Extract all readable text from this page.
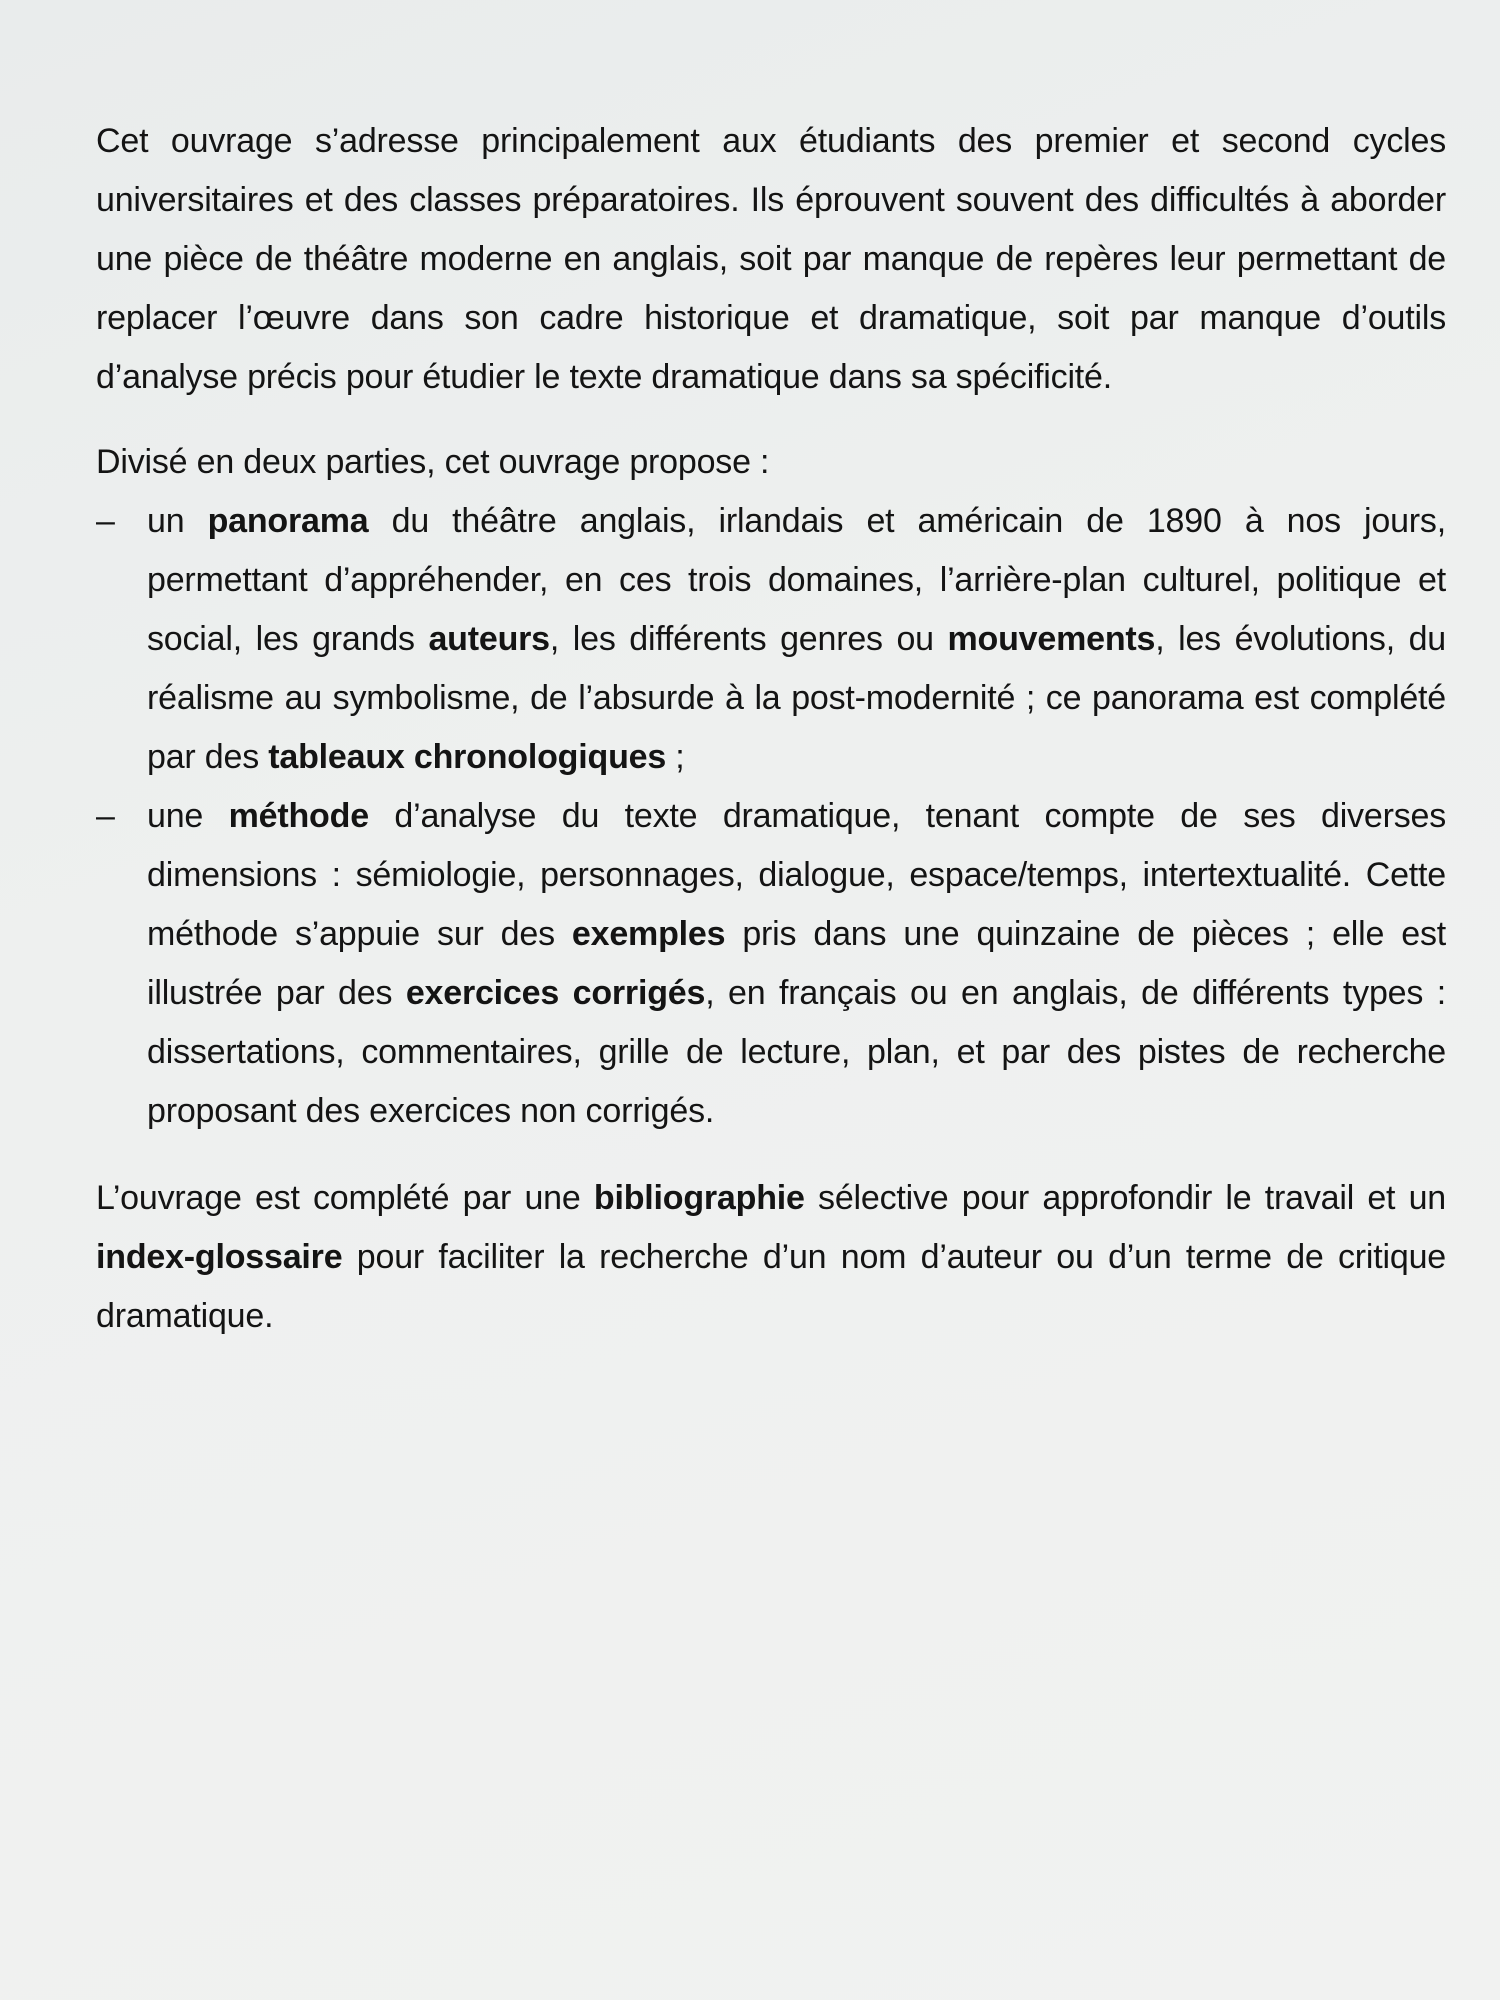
Cet ouvrage s’adresse principalement aux étudiants des premier et second cycles universitaires et des classes préparatoires. Ils éprouvent souvent des difficultés à aborder une pièce de théâtre moderne en anglais, soit par manque de repères leur permettant de replacer l’œuvre dans son cadre historique et dramatique, soit par manque d’outils d’analyse précis pour étudier le texte dramatique dans sa spécificité.

Divisé en deux parties, cet ouvrage propose :

– un panorama du théâtre anglais, irlandais et américain de 1890 à nos jours, permettant d’appréhender, en ces trois domaines, l’arrière-plan culturel, politique et social, les grands auteurs, les différents genres ou mouvements, les évolutions, du réalisme au symbolisme, de l’absurde à la post-modernité ; ce panorama est complété par des tableaux chronologiques ;
– une méthode d’analyse du texte dramatique, tenant compte de ses diverses dimensions : sémiologie, personnages, dialogue, espace/temps, intertextualité. Cette méthode s’appuie sur des exemples pris dans une quinzaine de pièces ; elle est illustrée par des exercices corrigés, en français ou en anglais, de différents types : dissertations, commentaires, grille de lecture, plan, et par des pistes de recherche proposant des exercices non corrigés.

L’ouvrage est complété par une bibliographie sélective pour approfondir le travail et un index-glossaire pour faciliter la recherche d’un nom d’auteur ou d’un terme de critique dramatique.
